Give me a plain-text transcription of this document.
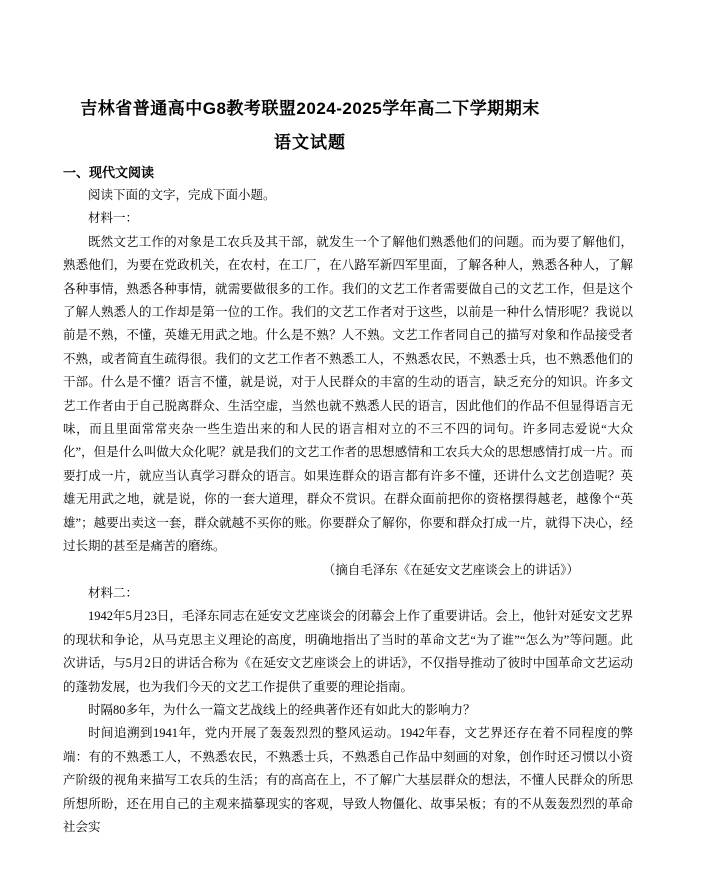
吉林省普通高中G8教考联盟2024-2025学年高二下学期期末
语文试题
一、现代文阅读

阅读下面的文字，完成下面小题。

材料一：

既然文艺工作的对象是工农兵及其干部，就发生一个了解他们熟悉他们的问题。而为要了解他们，熟悉他们，为要在党政机关，在农村，在工厂，在八路军新四军里面，了解各种人，熟悉各种人，了解各种事情，熟悉各种事情，就需要做很多的工作。我们的文艺工作者需要做自己的文艺工作，但是这个了解人熟悉人的工作却是第一位的工作。我们的文艺工作者对于这些，以前是一种什么情形呢？我说以前是不熟，不懂，英雄无用武之地。什么是不熟？人不熟。文艺工作者同自己的描写对象和作品接受者不熟，或者简直生疏得很。我们的文艺工作者不熟悉工人，不熟悉农民，不熟悉士兵，也不熟悉他们的干部。什么是不懂？语言不懂，就是说，对于人民群众的丰富的生动的语言，缺乏充分的知识。许多文艺工作者由于自己脱离群众、生活空虚，当然也就不熟悉人民的语言，因此他们的作品不但显得语言无味，而且里面常常夹杂一些生造出来的和人民的语言相对立的不三不四的词句。许多同志爱说“大众化”，但是什么叫做大众化呢？就是我们的文艺工作者的思想感情和工农兵大众的思想感情打成一片。而要打成一片，就应当认真学习群众的语言。如果连群众的语言都有许多不懂，还讲什么文艺创造呢？英雄无用武之地，就是说，你的一套大道理，群众不赏识。在群众面前把你的资格摆得越老，越像个“英雄”；越要出卖这一套，群众就越不买你的账。你要群众了解你，你要和群众打成一片，就得下决心，经过长期的甚至是痛苦的磨练。

（摘自毛泽东《在延安文艺座谈会上的讲话》）

材料二：

1942年5月23日，毛泽东同志在延安文艺座谈会的闭幕会上作了重要讲话。会上，他针对延安文艺界的现状和争论，从马克思主义理论的高度，明确地指出了当时的革命文艺“为了谁”“怎么为”等问题。此次讲话，与5月2日的讲话合称为《在延安文艺座谈会上的讲话》，不仅指导推动了彼时中国革命文艺运动的蓬勃发展，也为我们今天的文艺工作提供了重要的理论指南。

时隔80多年，为什么一篇文艺战线上的经典著作还有如此大的影响力？

时间追溯到1941年，党内开展了轰轰烈烈的整风运动。1942年春，文艺界还存在着不同程度的弊端：有的不熟悉工人，不熟悉农民，不熟悉士兵，不熟悉自己作品中刻画的对象，创作时还习惯以小资产阶级的视角来描写工农兵的生活；有的高高在上，不了解广大基层群众的想法，不懂人民群众的所思所想所盼，还在用自己的主观来描摹现实的客观，导致人物僵化、故事呆板；有的不从轰轰烈烈的革命社会实
